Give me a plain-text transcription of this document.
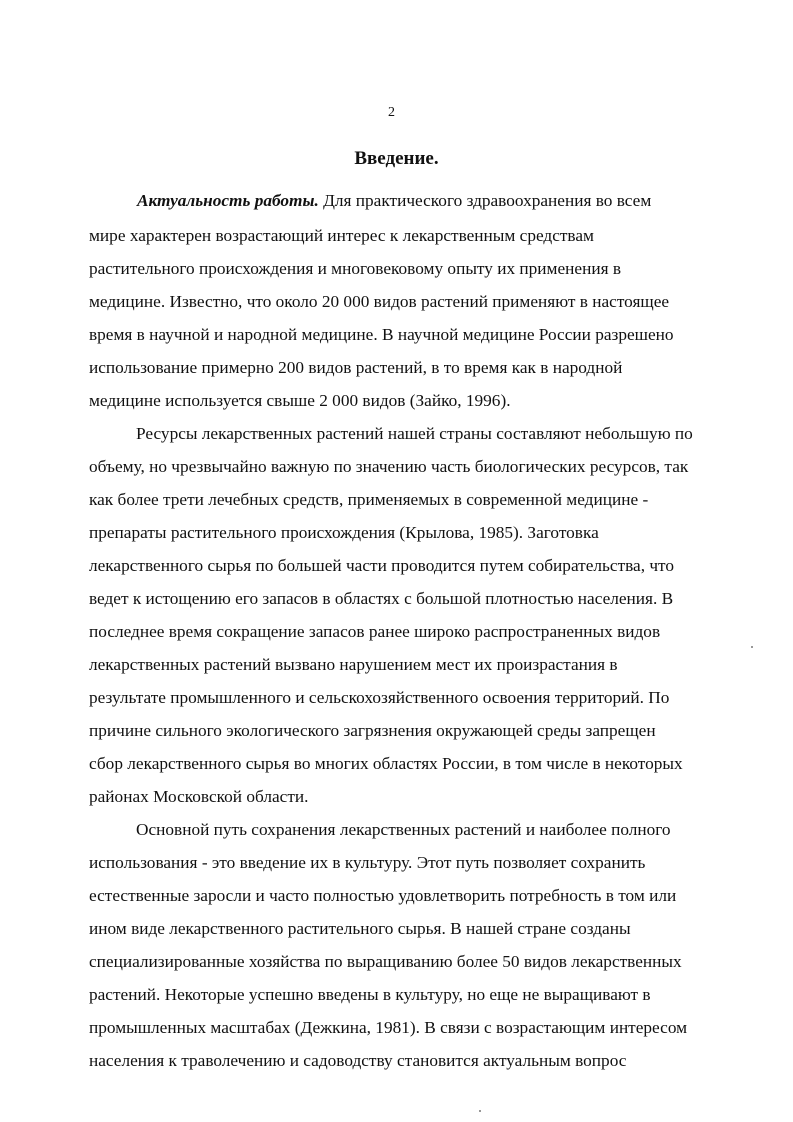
2
Введение.
Актуальность работы. Для практического здравоохранения во всем
мире характерен возрастающий интерес к лекарственным средствам
растительного происхождения и многовековому опыту их применения в
медицине. Известно, что около 20 000 видов растений применяют в настоящее
время в научной и народной медицине. В научной медицине России разрешено
использование примерно 200 видов растений, в то время как в народной
медицине используется свыше 2 000 видов (Зайко, 1996).
Ресурсы лекарственных растений нашей страны составляют небольшую по
объему, но чрезвычайно важную по значению часть биологических ресурсов, так
как более трети лечебных средств, применяемых в современной медицине -
препараты растительного происхождения (Крылова, 1985). Заготовка
лекарственного сырья по большей части проводится путем собирательства, что
ведет к истощению его запасов в областях с большой плотностью населения. В
последнее время сокращение запасов ранее широко распространенных видов
лекарственных растений вызвано нарушением мест их произрастания в
результате промышленного и сельскохозяйственного освоения территорий. По
причине сильного экологического загрязнения окружающей среды запрещен
сбор лекарственного сырья во многих областях России, в том числе в некоторых
районах Московской области.
Основной путь сохранения лекарственных растений и наиболее полного
использования - это введение их в культуру. Этот путь позволяет сохранить
естественные заросли и часто полностью удовлетворить потребность в том или
ином виде лекарственного растительного сырья. В нашей стране созданы
специализированные хозяйства по выращиванию более 50 видов лекарственных
растений. Некоторые успешно введены в культуру, но еще не выращивают в
промышленных масштабах (Дежкина, 1981). В связи с возрастающим интересом
населения к траволечению и садоводству становится актуальным вопрос
